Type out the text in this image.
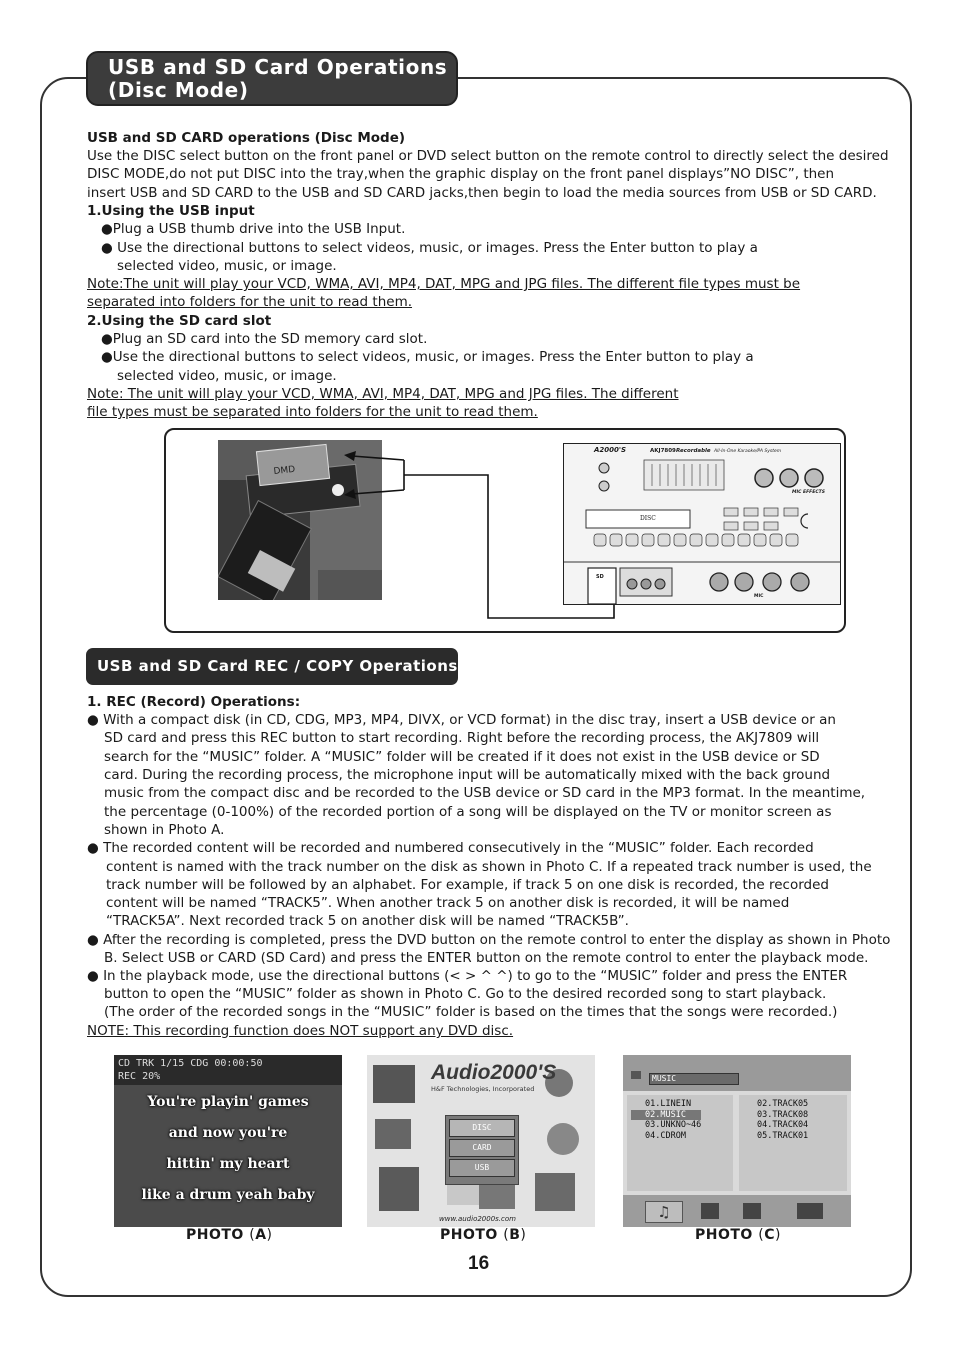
USB and SD Card Operations
(Disc Mode)
USB and SD CARD operations (Disc Mode)
Use the DISC select button on the front panel or DVD select button on the remote control to directly select the desired
DISC MODE,do not put DISC into the tray,when the graphic display on the front panel displays”NO DISC”, then
insert USB and SD CARD to the USB and SD CARD jacks,then begin to load the media sources from USB or SD CARD.
1.Using the USB input
●Plug a USB thumb drive into the USB Input.
● Use the directional buttons to select videos, music, or images. Press the Enter button to play a
selected video, music, or image.
Note:The unit will play your VCD, WMA, AVI, MP4, DAT, MPG and JPG files. The different file types must be
separated into folders for the unit to read them.
2.Using the SD card slot
●Plug an SD card into the SD memory card slot.
●Use the directional buttons to select videos, music, or images. Press the Enter button to play a
selected video, music, or image.
Note: The unit will play your VCD, WMA, AVI, MP4, DAT, MPG and JPG files. The different
file types must be separated into folders for the unit to read them.
DMD
A2000'S	AKJ7809 Recordable All-In-One Karaoke/PA System
DISC
MIC EFFECTS
MIC
SD
USB and SD Card REC / COPY Operations
1. REC (Record) Operations:
● With a compact disk (in CD, CDG, MP3, MP4, DIVX, or VCD format) in the disc tray, insert a USB device or an
SD card and press this REC button to start recording. Right before the recording process, the AKJ7809 will
search for the “MUSIC” folder. A “MUSIC” folder will be created if it does not exist in the USB device or SD
card. During the recording process, the microphone input will be automatically mixed with the back ground
music from the compact disc and be recorded to the USB device or SD card in the MP3 format. In the meantime,
the percentage (0-100%) of the recorded portion of a song will be displayed on the TV or monitor screen as
shown in Photo A.
● The recorded content will be recorded and numbered consecutively in the “MUSIC” folder. Each recorded
content is named with the track number on the disk as shown in Photo C. If a repeated track number is used, the
track number will be followed by an alphabet. For example, if track 5 on one disk is recorded, the recorded
content will be named “TRACK5”. When another track 5 on another disk is recorded, it will be named
“TRACK5A”. Next recorded track 5 on another disk will be named “TRACK5B”.
● After the recording is completed, press the DVD button on the remote control to enter the display as shown in Photo
B. Select USB or CARD (SD Card) and press the ENTER button on the remote control to enter the playback mode.
● In the playback mode, use the directional buttons (< > ^ ^) to go to the “MUSIC” folder and press the ENTER
button to open the “MUSIC” folder as shown in Photo C. Go to the desired recorded song to start playback.
(The order of the recorded songs in the “MUSIC” folder is based on the times that the songs were recorded.)
NOTE: This recording function does NOT support any DVD disc.
CD TRK 1/15 CDG 00:00:50
REC 20%
You're playin' games
and now you're
hittin' my heart
like a drum yeah baby
Audio2000'S
H&F Technologies, Incorporated
DISC
CARD
USB
www.audio2000s.com
MUSIC
01.LINEIN
02.MUSIC
03.UNKNO~46
04.CDROM
02.TRACK05
03.TRACK08
04.TRACK04
05.TRACK01
♫
PHOTO (A)	PHOTO (B)	PHOTO (C)
16
